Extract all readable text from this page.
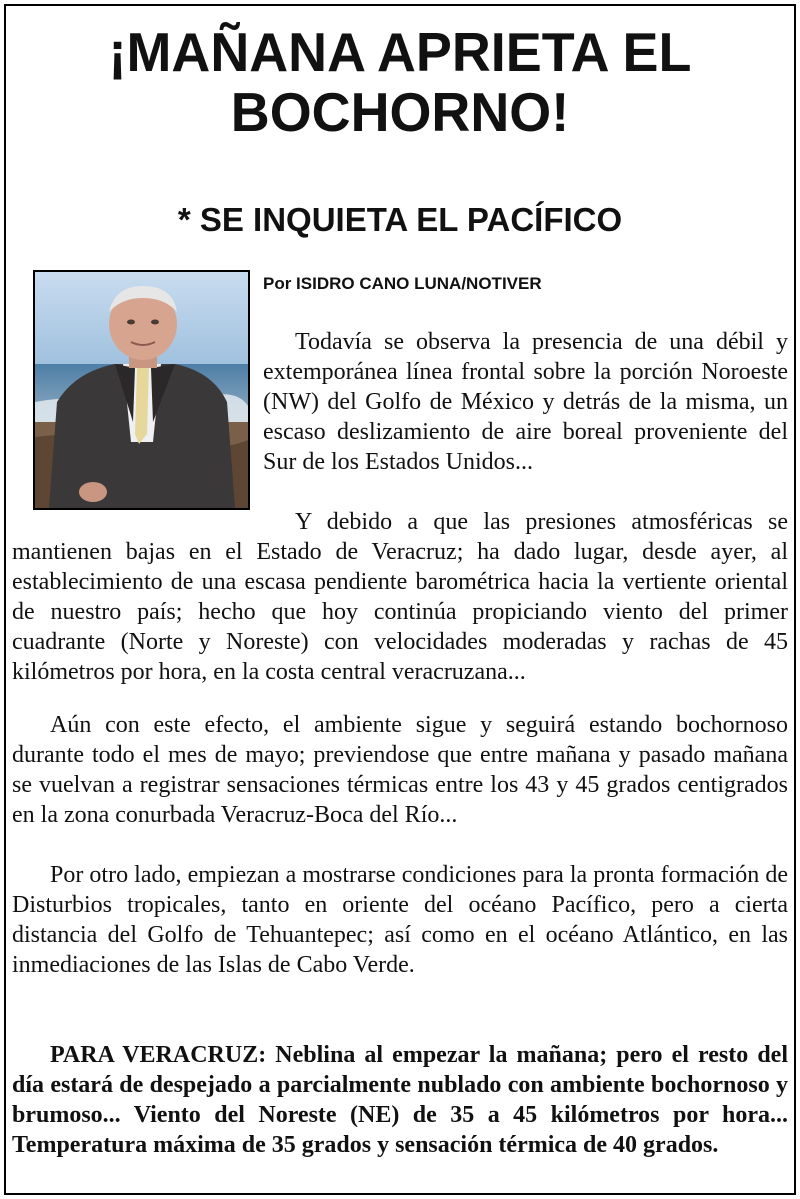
¡MAÑANA APRIETA EL BOCHORNO!
* SE INQUIETA EL PACÍFICO

Por ISIDRO CANO LUNA/NOTIVER

Todavía se observa la presencia de una débil y extemporánea línea frontal sobre la porción Noroeste (NW) del Golfo de México y detrás de la misma, un escaso deslizamiento de aire boreal proveniente del Sur de los Estados Unidos...

Y debido a que las presiones atmosféricas se mantienen bajas en el Estado de Veracruz; ha dado lugar, desde ayer, al establecimiento de una escasa pendiente barométrica hacia la vertiente oriental de nuestro país; hecho que hoy continúa propiciando viento del primer cuadrante (Norte y Noreste) con velocidades moderadas y rachas de 45 kilómetros por hora, en la costa central veracruzana...

Aún con este efecto, el ambiente sigue y seguirá estando bochornoso durante todo el mes de mayo; previendose que entre mañana y pasado mañana se vuelvan a registrar sensaciones térmicas entre los 43 y 45 grados centigrados en la zona conurbada Veracruz-Boca del Río...

Por otro lado, empiezan a mostrarse condiciones para la pronta formación de Disturbios tropicales, tanto en oriente del océano Pacífico, pero a cierta distancia del Golfo de Tehuantepec; así como en el océano Atlántico, en las inmediaciones de las Islas de Cabo Verde.

PARA VERACRUZ: Neblina al empezar la mañana; pero el resto del día estará de despejado a parcialmente nublado con ambiente bochornoso y brumoso... Viento del Noreste (NE) de 35 a 45 kilómetros por hora... Temperatura máxima de 35 grados y sensación térmica de 40 grados.
